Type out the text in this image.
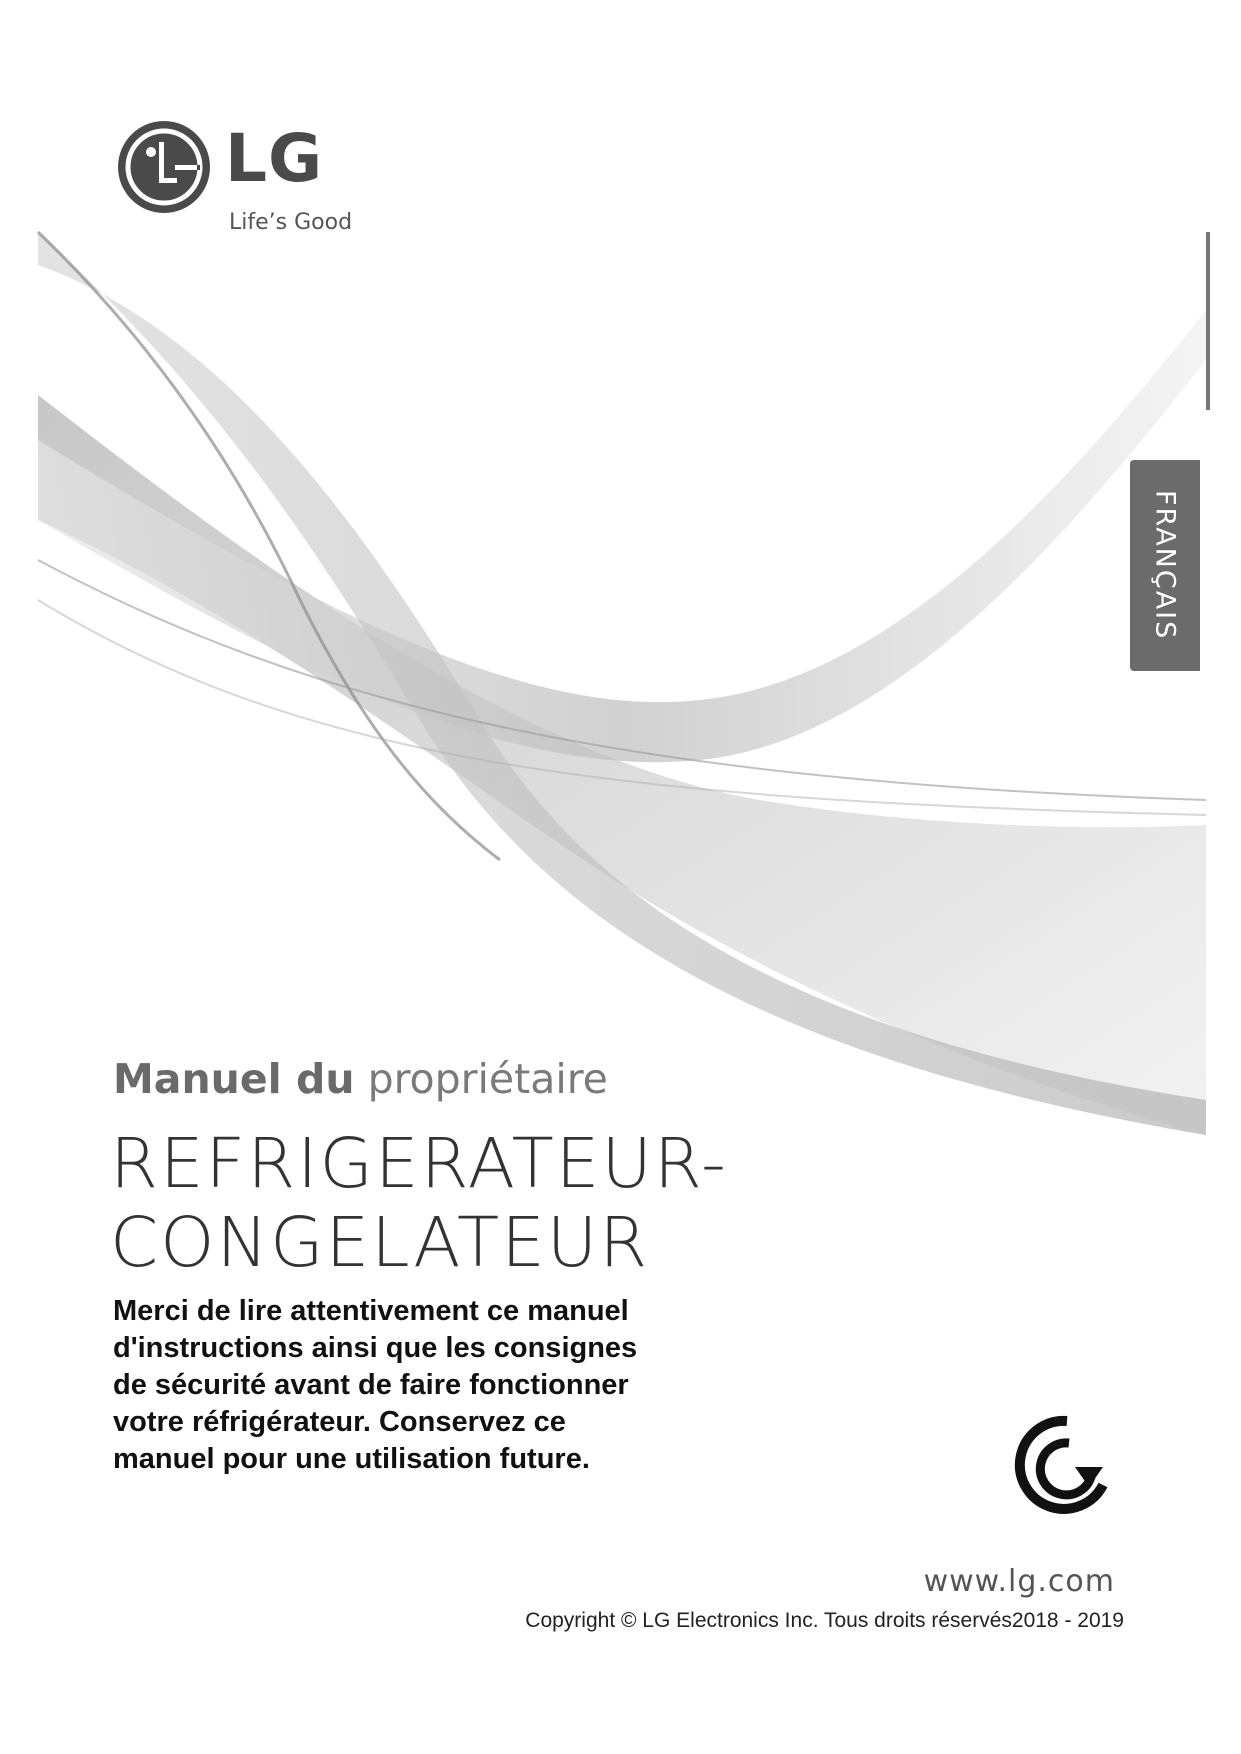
LG
Life’s Good
FRANÇAIS
Manuel du propriétaire
REFRIGERATEUR-
CONGELATEUR
Merci de lire attentivement ce manuel
d'instructions ainsi que les consignes
de sécurité avant de faire fonctionner
votre réfrigérateur. Conservez ce
manuel pour une utilisation future.
www.lg.com
Copyright © LG Electronics Inc. Tous droits réservés2018 - 2019
